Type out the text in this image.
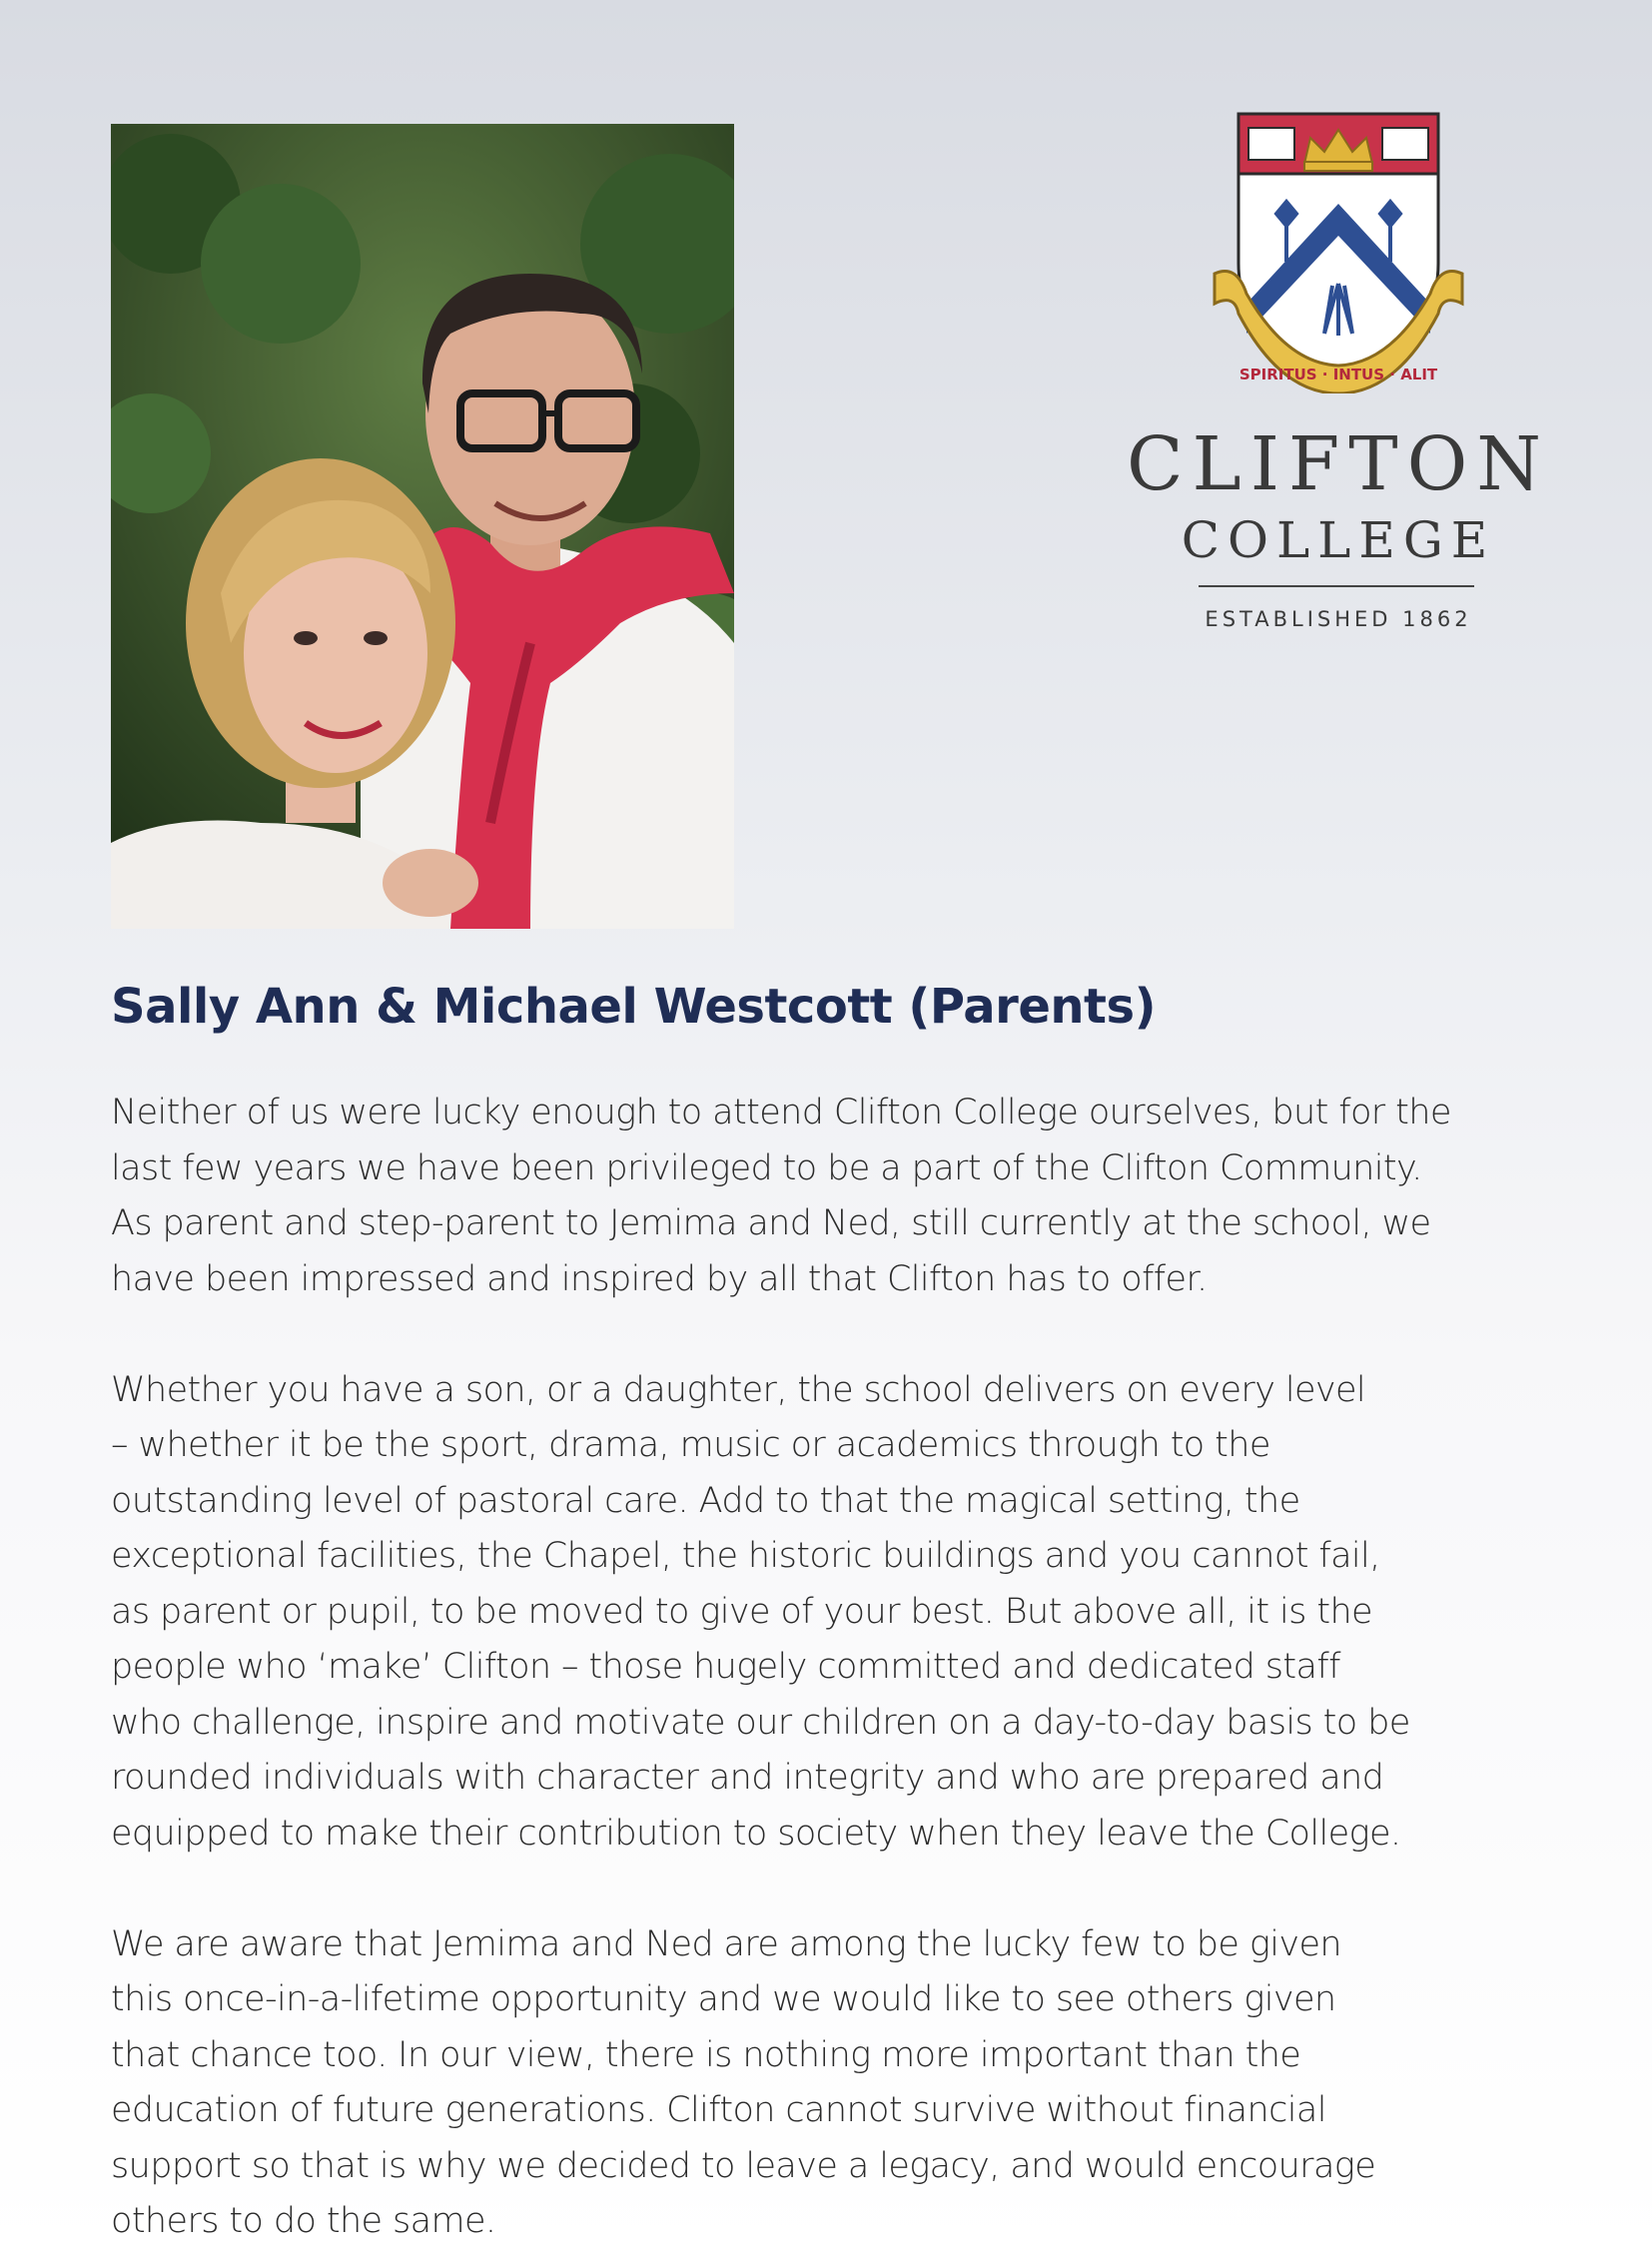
SPIRITUS · INTUS · ALIT
CLIFTON
COLLEGE
ESTABLISHED 1862
Sally Ann & Michael Westcott (Parents)
Neither of us were lucky enough to attend Clifton College ourselves, but for the
last few years we have been privileged to be a part of the Clifton Community.
As parent and step-parent to Jemima and Ned, still currently at the school, we
have been impressed and inspired by all that Clifton has to offer.
Whether you have a son, or a daughter, the school delivers on every level
– whether it be the sport, drama, music or academics through to the
outstanding level of pastoral care. Add to that the magical setting, the
exceptional facilities, the Chapel, the historic buildings and you cannot fail,
as parent or pupil, to be moved to give of your best. But above all, it is the
people who ‘make’ Clifton – those hugely committed and dedicated staff
who challenge, inspire and motivate our children on a day-to-day basis to be
rounded individuals with character and integrity and who are prepared and
equipped to make their contribution to society when they leave the College.
We are aware that Jemima and Ned are among the lucky few to be given
this once-in-a-lifetime opportunity and we would like to see others given
that chance too. In our view, there is nothing more important than the
education of future generations. Clifton cannot survive without financial
support so that is why we decided to leave a legacy, and would encourage
others to do the same.
